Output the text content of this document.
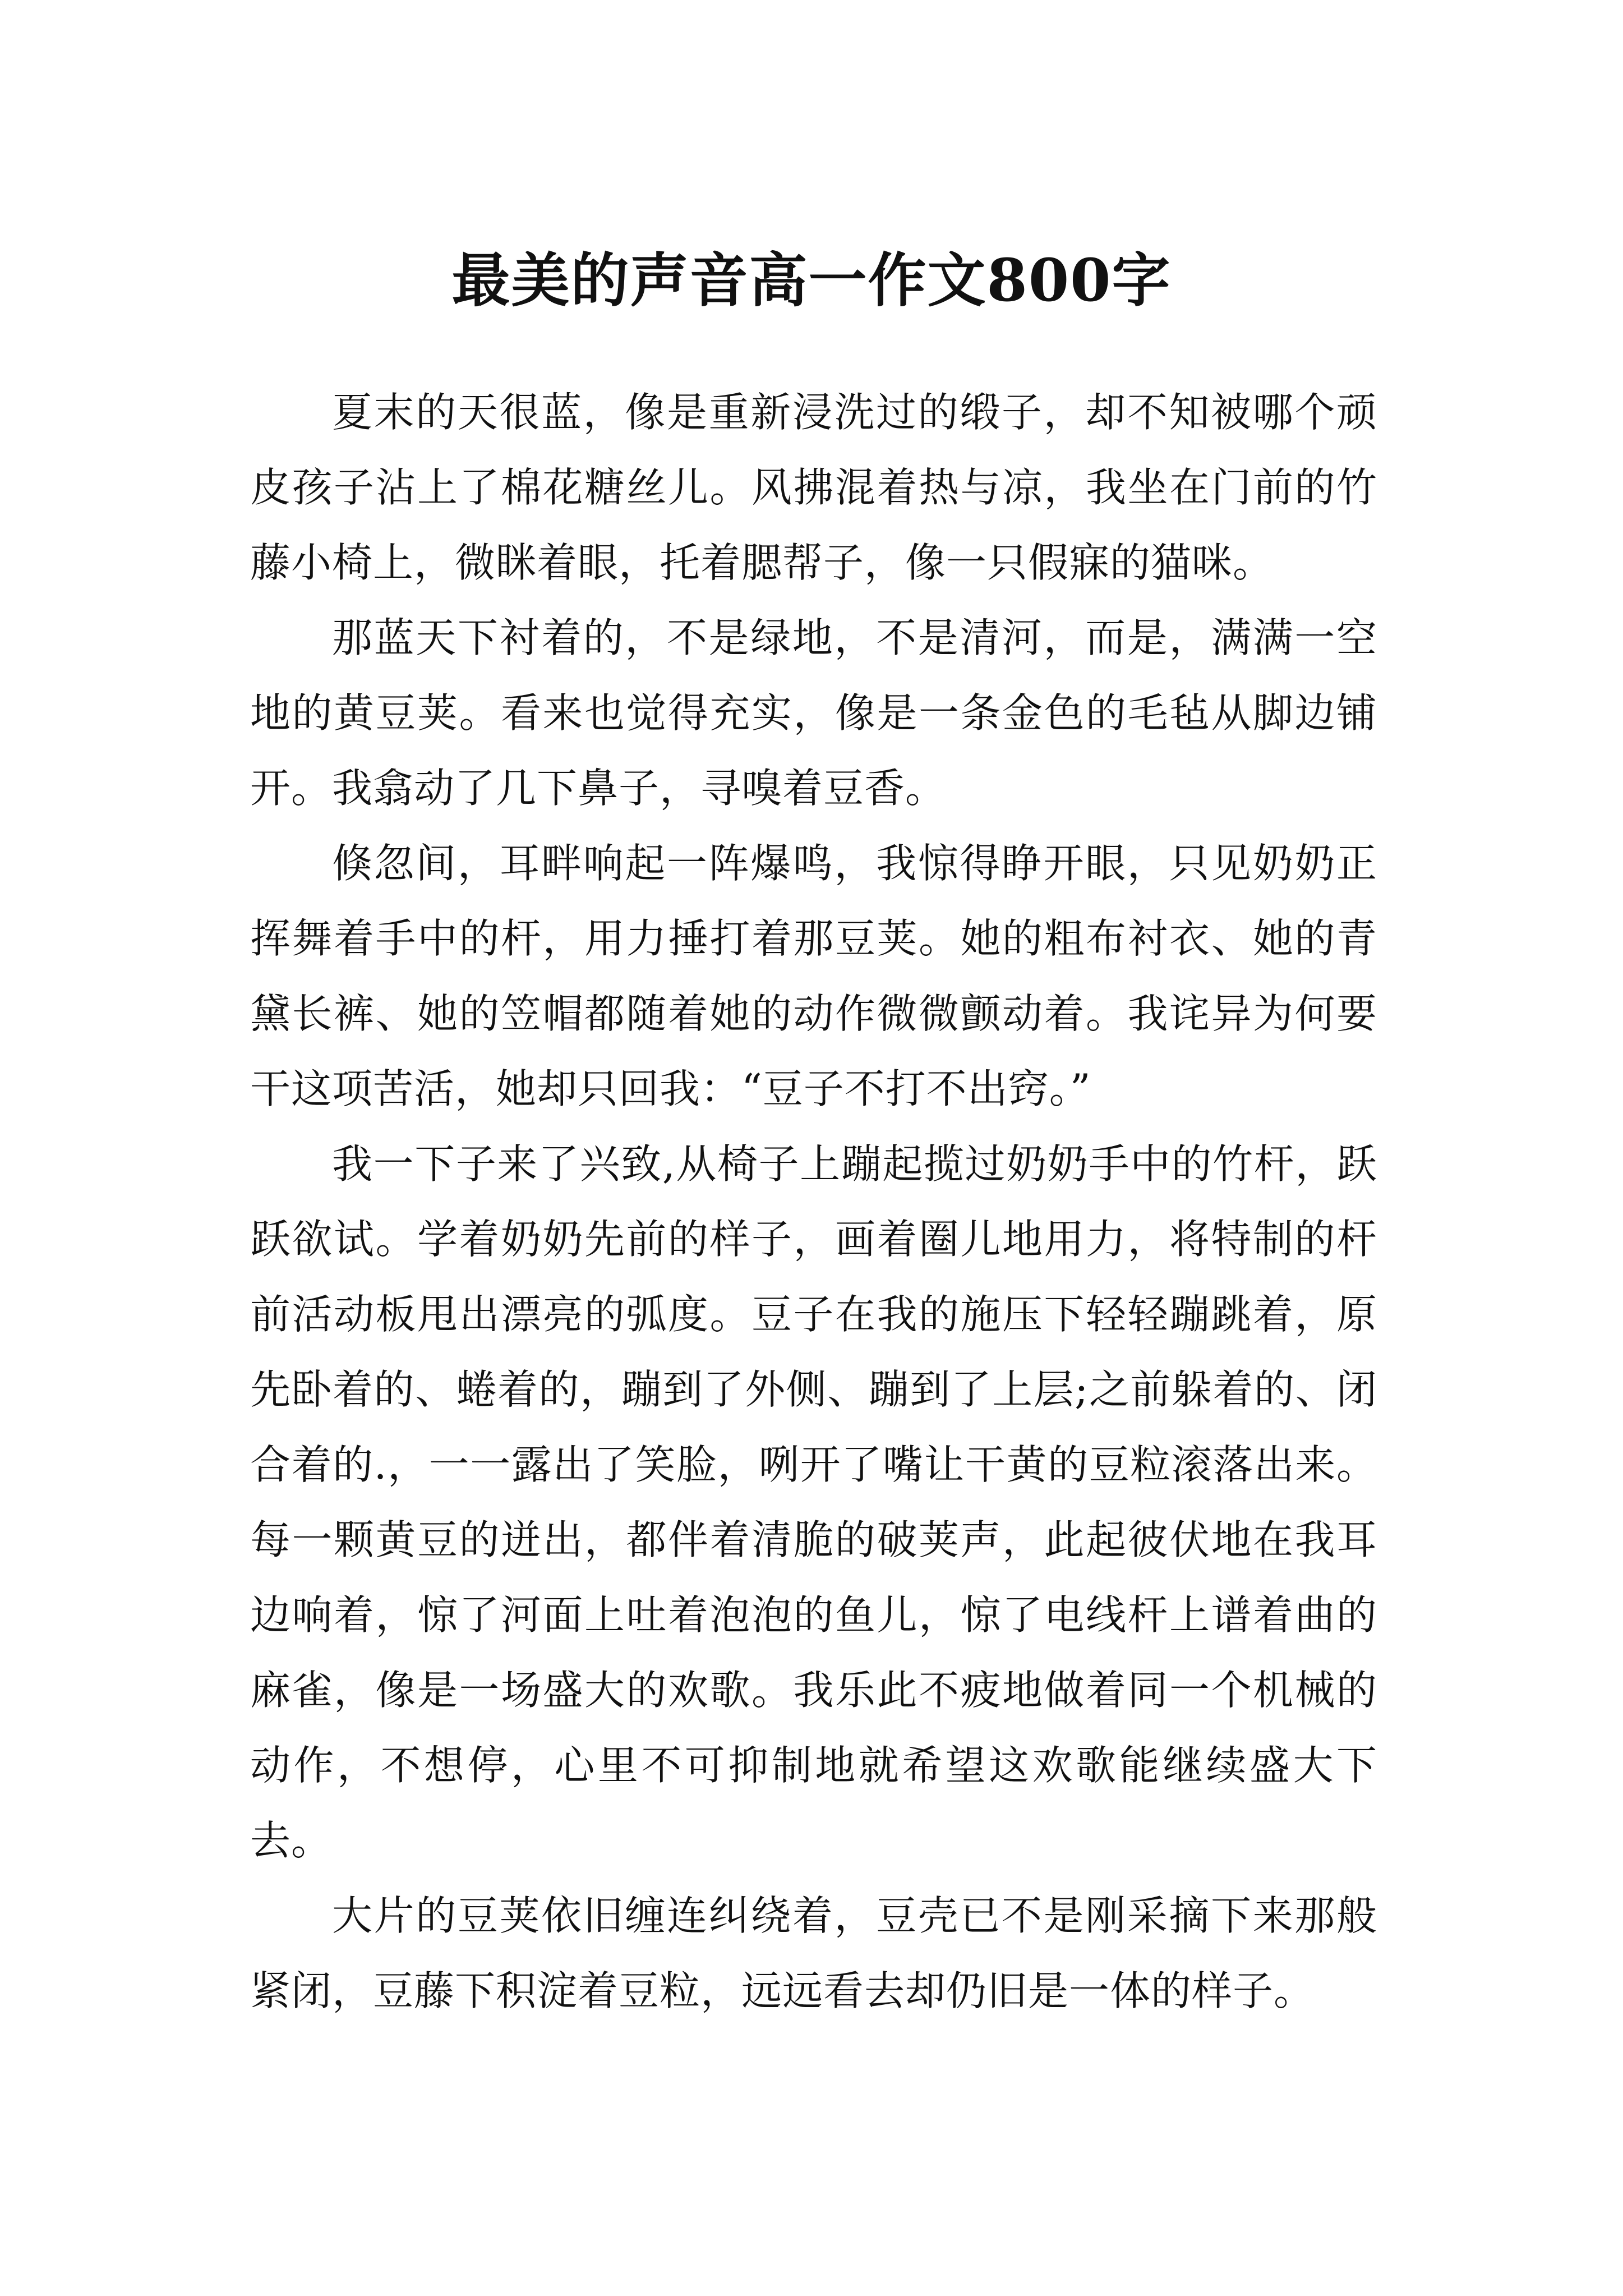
最美的声音高一作文800字

夏末的天很蓝，像是重新浸洗过的缎子，却不知被哪个顽皮孩子沾上了棉花糖丝儿。风拂混着热与凉，我坐在门前的竹藤小椅上，微眯着眼，托着腮帮子，像一只假寐的猫咪。

那蓝天下衬着的，不是绿地，不是清河，而是，满满一空地的黄豆荚。看来也觉得充实，像是一条金色的毛毡从脚边铺开。我翕动了几下鼻子，寻嗅着豆香。

倏忽间，耳畔响起一阵爆鸣，我惊得睁开眼，只见奶奶正挥舞着手中的杆，用力捶打着那豆荚。她的粗布衬衣、她的青黛长裤、她的笠帽都随着她的动作微微颤动着。我诧异为何要干这项苦活，她却只回我：“豆子不打不出窍。”

我一下子来了兴致,从椅子上蹦起揽过奶奶手中的竹杆，跃跃欲试。学着奶奶先前的样子，画着圈儿地用力，将特制的杆前活动板甩出漂亮的弧度。豆子在我的施压下轻轻蹦跳着，原先卧着的、蜷着的，蹦到了外侧、蹦到了上层;之前躲着的、闭合着的.，一一露出了笑脸，咧开了嘴让干黄的豆粒滚落出来。每一颗黄豆的迸出，都伴着清脆的破荚声，此起彼伏地在我耳边响着，惊了河面上吐着泡泡的鱼儿，惊了电线杆上谱着曲的麻雀，像是一场盛大的欢歌。我乐此不疲地做着同一个机械的动作，不想停，心里不可抑制地就希望这欢歌能继续盛大下去。

大片的豆荚依旧缠连纠绕着，豆壳已不是刚采摘下来那般紧闭，豆藤下积淀着豆粒，远远看去却仍旧是一体的样子。
